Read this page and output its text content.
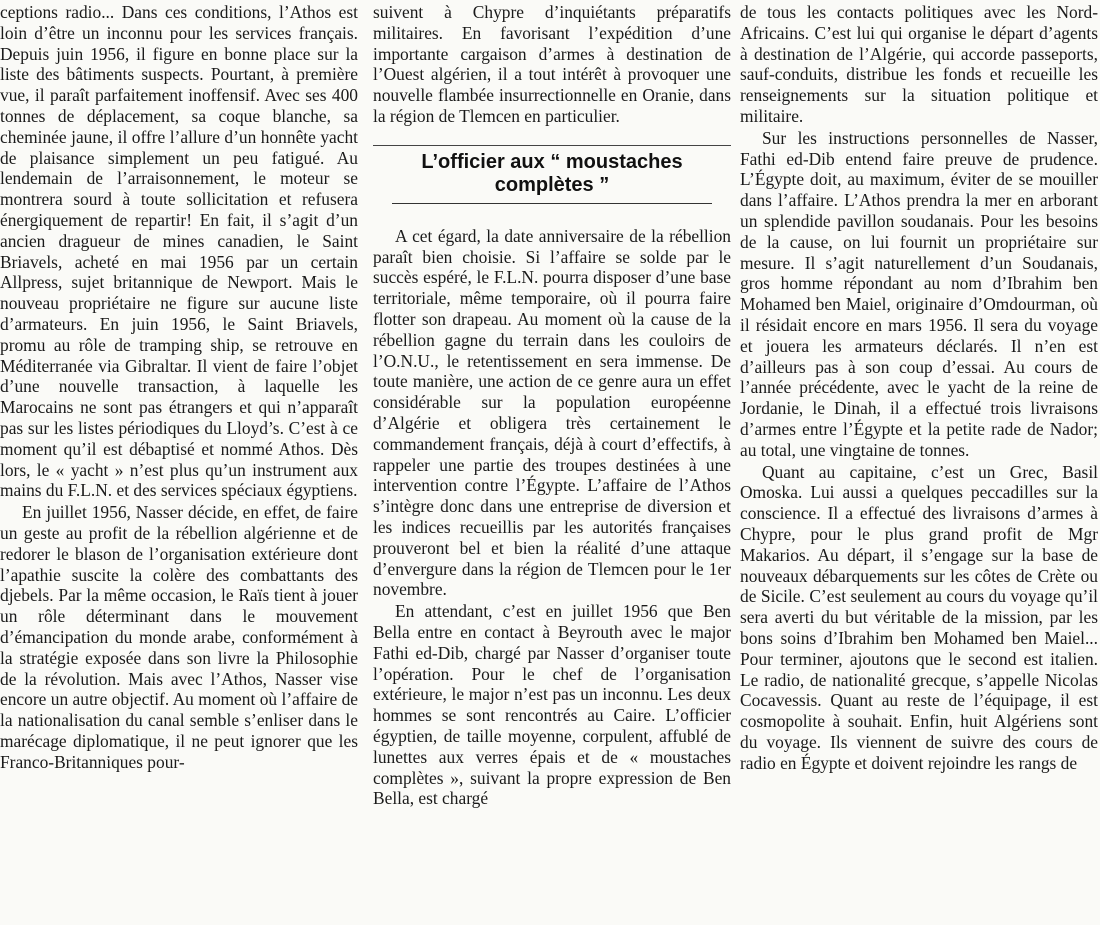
ceptions radio... Dans ces conditions, l’Athos est loin d’être un inconnu pour les services français. Depuis juin 1956, il figure en bonne place sur la liste des bâtiments suspects. Pourtant, à première vue, il paraît parfaitement inoffensif. Avec ses 400 tonnes de déplacement, sa coque blanche, sa cheminée jaune, il offre l’allure d’un honnête yacht de plaisance simplement un peu fatigué. Au lendemain de l’arraisonnement, le moteur se montrera sourd à toute sollicitation et refusera énergiquement de repartir! En fait, il s’agit d’un ancien dragueur de mines canadien, le Saint Briavels, acheté en mai 1956 par un certain Allpress, sujet britannique de Newport. Mais le nouveau propriétaire ne figure sur aucune liste d’armateurs. En juin 1956, le Saint Briavels, promu au rôle de tramping ship, se retrouve en Méditerranée via Gibraltar. Il vient de faire l’objet d’une nouvelle transaction, à laquelle les Marocains ne sont pas étrangers et qui n’apparaît pas sur les listes périodiques du Lloyd’s. C’est à ce moment qu’il est débaptisé et nommé Athos. Dès lors, le « yacht » n’est plus qu’un instrument aux mains du F.L.N. et des services spéciaux égyptiens.

En juillet 1956, Nasser décide, en effet, de faire un geste au profit de la rébellion algérienne et de redorer le blason de l’organisation extérieure dont l’apathie suscite la colère des combattants des djebels. Par la même occasion, le Raïs tient à jouer un rôle déterminant dans le mouvement d’émancipation du monde arabe, conformément à la stratégie exposée dans son livre la Philosophie de la révolution. Mais avec l’Athos, Nasser vise encore un autre objectif. Au moment où l’affaire de la nationalisation du canal semble s’enliser dans le marécage diplomatique, il ne peut ignorer que les Franco-Britanniques pour-

suivent à Chypre d’inquiétants préparatifs militaires. En favorisant l’expédition d’une importante cargaison d’armes à destination de l’Ouest algérien, il a tout intérêt à provoquer une nouvelle flambée insurrectionnelle en Oranie, dans la région de Tlemcen en particulier.

L’officier aux “ moustaches complètes ”

A cet égard, la date anniversaire de la rébellion paraît bien choisie. Si l’affaire se solde par le succès espéré, le F.L.N. pourra disposer d’une base territoriale, même temporaire, où il pourra faire flotter son drapeau. Au moment où la cause de la rébellion gagne du terrain dans les couloirs de l’O.N.U., le retentissement en sera immense. De toute manière, une action de ce genre aura un effet considérable sur la population européenne d’Algérie et obligera très certainement le commandement français, déjà à court d’effectifs, à rappeler une partie des troupes destinées à une intervention contre l’Égypte. L’affaire de l’Athos s’intègre donc dans une entreprise de diversion et les indices recueillis par les autorités françaises prouveront bel et bien la réalité d’une attaque d’envergure dans la région de Tlemcen pour le 1er novembre.

En attendant, c’est en juillet 1956 que Ben Bella entre en contact à Beyrouth avec le major Fathi ed-Dib, chargé par Nasser d’organiser toute l’opération. Pour le chef de l’organisation extérieure, le major n’est pas un inconnu. Les deux hommes se sont rencontrés au Caire. L’officier égyptien, de taille moyenne, corpulent, affublé de lunettes aux verres épais et de « moustaches complètes », suivant la propre expression de Ben Bella, est chargé

de tous les contacts politiques avec les Nord-Africains. C’est lui qui organise le départ d’agents à destination de l’Algérie, qui accorde passeports, sauf-conduits, distribue les fonds et recueille les renseignements sur la situation politique et militaire.

Sur les instructions personnelles de Nasser, Fathi ed-Dib entend faire preuve de prudence. L’Égypte doit, au maximum, éviter de se mouiller dans l’affaire. L’Athos prendra la mer en arborant un splendide pavillon soudanais. Pour les besoins de la cause, on lui fournit un propriétaire sur mesure. Il s’agit naturellement d’un Soudanais, gros homme répondant au nom d’Ibrahim ben Mohamed ben Maiel, originaire d’Omdourman, où il résidait encore en mars 1956. Il sera du voyage et jouera les armateurs déclarés. Il n’en est d’ailleurs pas à son coup d’essai. Au cours de l’année précédente, avec le yacht de la reine de Jordanie, le Dinah, il a effectué trois livraisons d’armes entre l’Égypte et la petite rade de Nador; au total, une vingtaine de tonnes.

Quant au capitaine, c’est un Grec, Basil Omoska. Lui aussi a quelques peccadilles sur la conscience. Il a effectué des livraisons d’armes à Chypre, pour le plus grand profit de Mgr Makarios. Au départ, il s’engage sur la base de nouveaux débarquements sur les côtes de Crète ou de Sicile. C’est seulement au cours du voyage qu’il sera averti du but véritable de la mission, par les bons soins d’Ibrahim ben Mohamed ben Maiel... Pour terminer, ajoutons que le second est italien. Le radio, de nationalité grecque, s’appelle Nicolas Cocavessis. Quant au reste de l’équipage, il est cosmopolite à souhait. Enfin, huit Algériens sont du voyage. Ils viennent de suivre des cours de radio en Égypte et doivent rejoindre les rangs de
